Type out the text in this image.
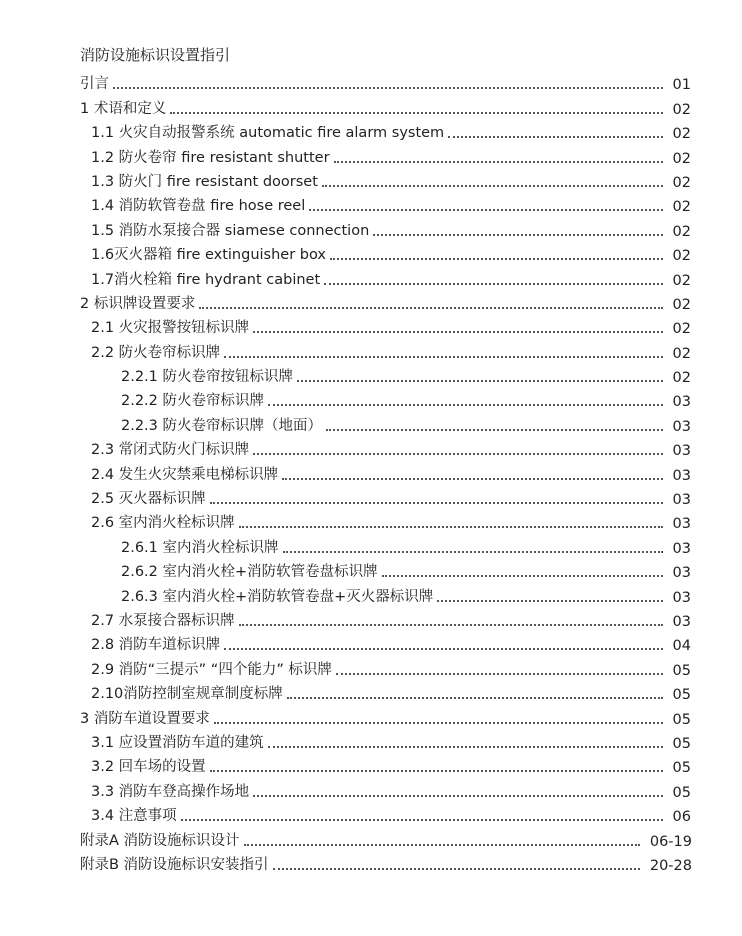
消防设施标识设置指引
引言	01
1 术语和定义	02
1.1 火灾自动报警系统 automatic fire alarm system	02
1.2 防火卷帘 fire resistant shutter	02
1.3 防火门 fire resistant doorset	02
1.4 消防软管卷盘 fire hose reel	02
1.5 消防水泵接合器 siamese connection	02
1.6灭火器箱 fire extinguisher box	02
1.7消火栓箱 fire hydrant cabinet	02
2 标识牌设置要求	02
2.1 火灾报警按钮标识牌	02
2.2 防火卷帘标识牌	02
2.2.1 防火卷帘按钮标识牌	02
2.2.2 防火卷帘标识牌	03
2.2.3 防火卷帘标识牌（地面）	03
2.3 常闭式防火门标识牌	03
2.4 发生火灾禁乘电梯标识牌	03
2.5 灭火器标识牌	03
2.6 室内消火栓标识牌	03
2.6.1 室内消火栓标识牌	03
2.6.2 室内消火栓+消防软管卷盘标识牌	03
2.6.3 室内消火栓+消防软管卷盘+灭火器标识牌	03
2.7 水泵接合器标识牌	03
2.8 消防车道标识牌	04
2.9 消防“三提示” “四个能力” 标识牌	05
2.10消防控制室规章制度标牌	05
3 消防车道设置要求	05
3.1 应设置消防车道的建筑	05
3.2 回车场的设置	05
3.3 消防车登高操作场地	05
3.4 注意事项	06
附录A 消防设施标识设计	06-19
附录B 消防设施标识安装指引	20-28
